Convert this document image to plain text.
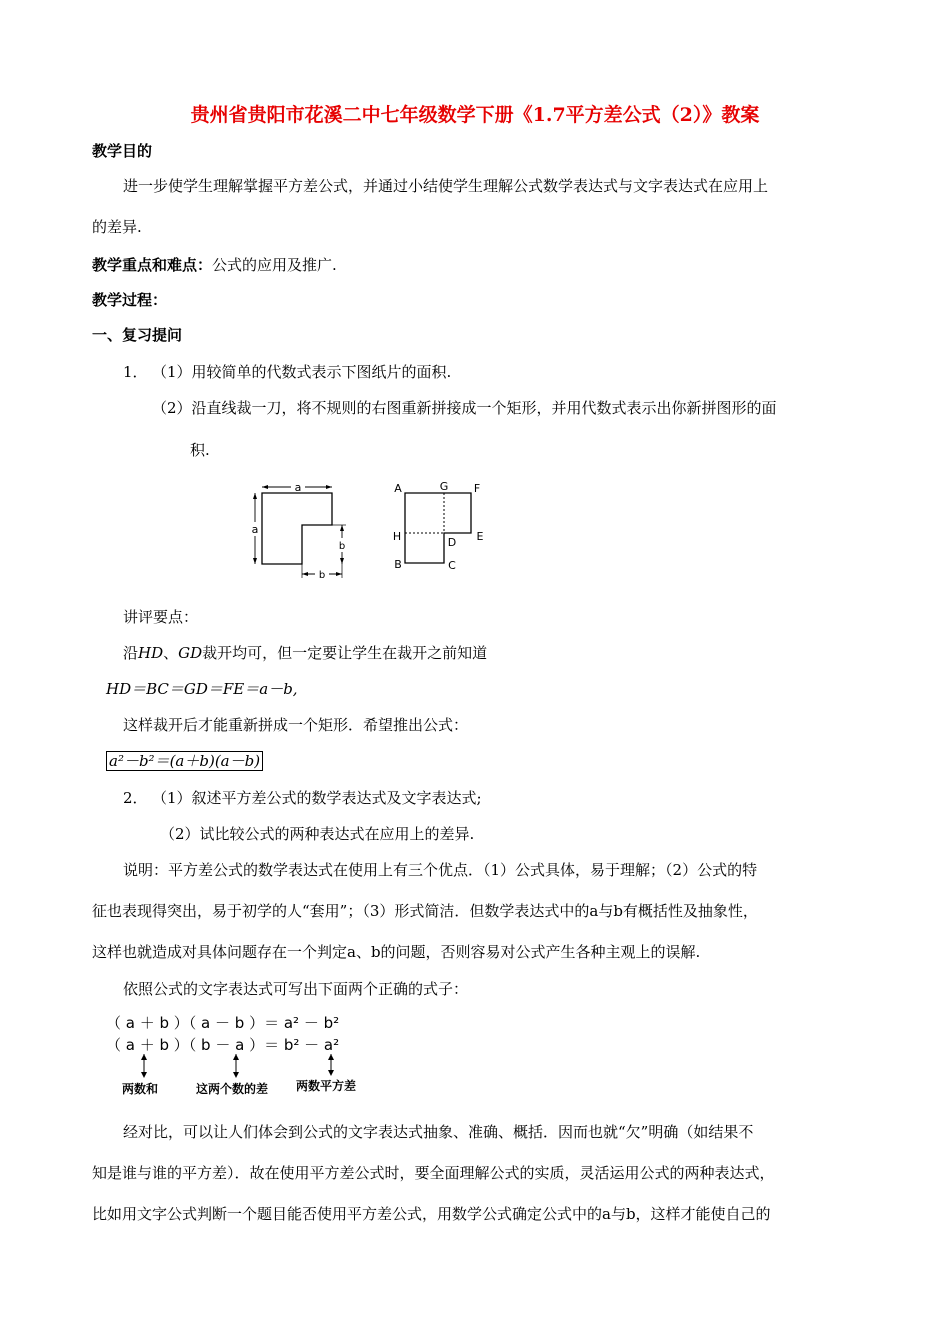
贵州省贵阳市花溪二中七年级数学下册《1.7平方差公式（2）》教案
教学目的
进一步使学生理解掌握平方差公式，并通过小结使学生理解公式数学表达式与文字表达式在应用上
的差异.
教学重点和难点：公式的应用及推广.
教学过程：
一、复习提问
1． （1）用较简单的代数式表示下图纸片的面积.
（2）沿直线裁一刀，将不规则的右图重新拼接成一个矩形，并用代数式表示出你新拼图形的面
积.
a
a
b
b
A	G F
H	D E
B	C
讲评要点：
沿HD、GD裁开均可，但一定要让学生在裁开之前知道
HD＝BC＝GD＝FE＝a－b,
这样裁开后才能重新拼成一个矩形．希望推出公式：
a²－b²＝(a＋b)(a－b)
2． （1）叙述平方差公式的数学表达式及文字表达式;
（2）试比较公式的两种表达式在应用上的差异.
说明：平方差公式的数学表达式在使用上有三个优点．（1）公式具体，易于理解；（2）公式的特
征也表现得突出，易于初学的人“套用”；（3）形式简洁．但数学表达式中的a与b有概括性及抽象性，
这样也就造成对具体问题存在一个判定a、b的问题，否则容易对公式产生各种主观上的误解.
依照公式的文字表达式可写出下面两个正确的式子：
（ a ＋ b ）（ a － b ）＝ a² － b²
（ a ＋ b ）（ b － a ）＝ b² － a²
两数和	这两个数的差 两数平方差
经对比，可以让人们体会到公式的文字表达式抽象、准确、概括．因而也就“欠”明确（如结果不
知是谁与谁的平方差）．故在使用平方差公式时，要全面理解公式的实质，灵活运用公式的两种表达式，
比如用文字公式判断一个题目能否使用平方差公式，用数学公式确定公式中的a与b，这样才能使自己的
